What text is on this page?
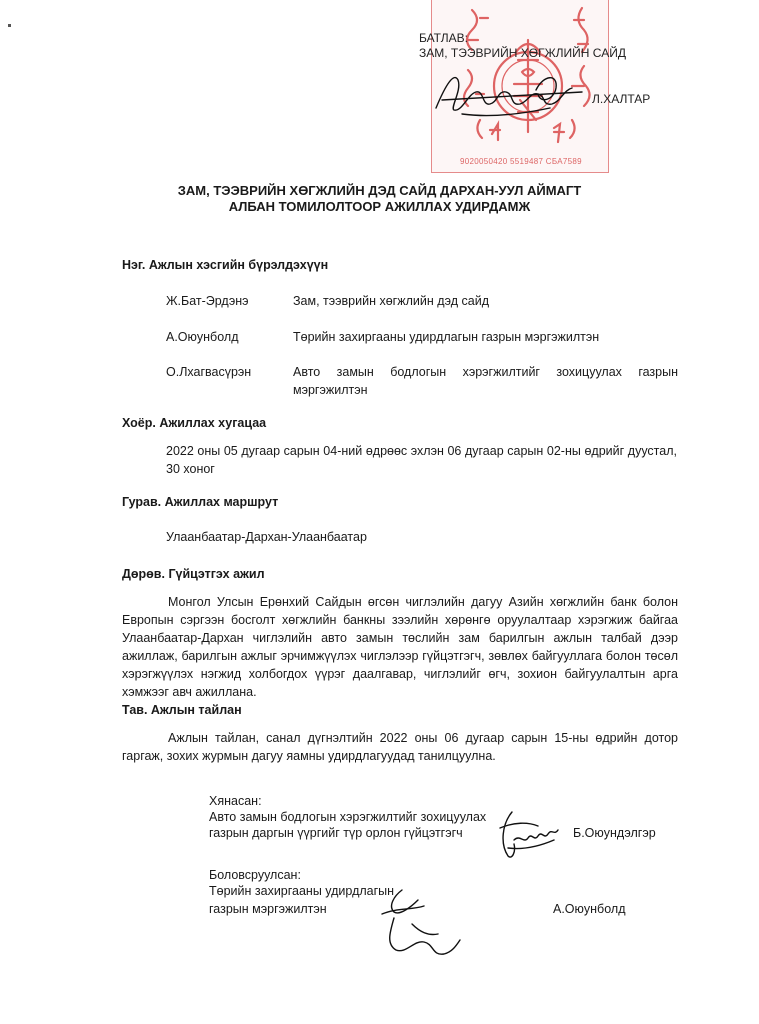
9020050420 5519487 СБА7589
БАТЛАВ:
ЗАМ, ТЭЭВРИЙН ХӨГЖЛИЙН САЙД
Л.ХАЛТАР
ЗАМ, ТЭЭВРИЙН ХӨГЖЛИЙН ДЭД САЙД ДАРХАН-УУЛ АЙМАГТ
АЛБАН ТОМИЛОЛТООР АЖИЛЛАХ УДИРДАМЖ
Нэг. Ажлын хэсгийн бүрэлдэхүүн
Ж.Бат-Эрдэнэ	Зам, тээврийн хөгжлийн дэд сайд
А.Оюунболд	Төрийн захиргааны удирдлагын газрын мэргэжилтэн
О.Лхагвасүрэн	Авто замын бодлогын хэрэгжилтийг зохицуулах газрын мэргэжилтэн
Хоёр. Ажиллах хугацаа
2022 оны 05 дугаар сарын 04-ний өдрөөс эхлэн 06 дугаар сарын 02-ны өдрийг дуустал, 30 хоног
Гурав. Ажиллах маршрут
Улаанбаатар-Дархан-Улаанбаатар
Дөрөв. Гүйцэтгэх ажил
Монгол Улсын Ерөнхий Сайдын өгсөн чиглэлийн дагуу Азийн хөгжлийн банк болон Европын сэргээн босголт хөгжлийн банкны зээлийн хөрөнгө оруулалтаар хэрэгжиж байгаа Улаанбаатар-Дархан чиглэлийн авто замын төслийн зам барилгын ажлын талбай дээр ажиллаж, барилгын ажлыг эрчимжүүлэх чиглэлээр гүйцэтгэгч, зөвлөх байгууллага болон төсөл хэрэгжүүлэх нэгжид холбогдох үүрэг даалгавар, чиглэлийг өгч, зохион байгуулалтын арга хэмжээг авч ажиллана.
Тав. Ажлын тайлан
Ажлын тайлан, санал дүгнэлтийн 2022 оны 06 дугаар сарын 15-ны өдрийн дотор гаргаж, зохих журмын дагуу яамны удирдлагуудад танилцуулна.
Хянасан:
Авто замын бодлогын хэрэгжилтийг зохицуулах
газрын даргын үүргийг түр орлон гүйцэтгэгч	Б.Оюундэлгэр
Боловсруулсан:
Төрийн захиргааны удирдлагын
газрын мэргэжилтэн	А.Оюунболд
